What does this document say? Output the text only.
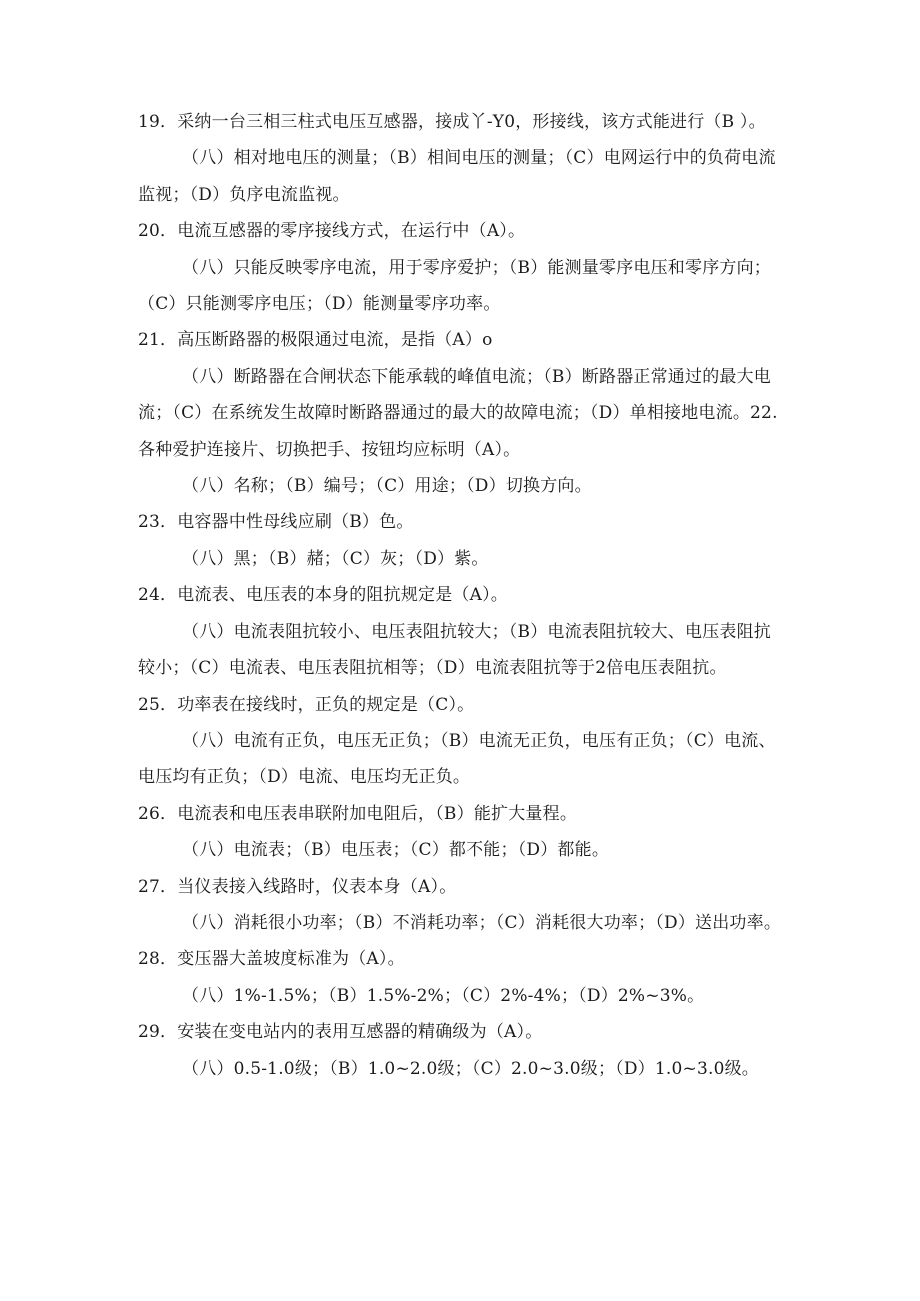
19．采纳一台三相三柱式电压互感器，接成丫-Y0，形接线，该方式能进行（B ）。

（八）相对地电压的测量；（B）相间电压的测量；（C）电网运行中的负荷电流监视；（D）负序电流监视。

20．电流互感器的零序接线方式，在运行中（A）。

（八）只能反映零序电流，用于零序爱护；（B）能测量零序电压和零序方向；（C）只能测零序电压；（D）能测量零序功率。

21．高压断路器的极限通过电流，是指（A）o

（八）断路器在合闸状态下能承载的峰值电流；（B）断路器正常通过的最大电流；（C）在系统发生故障时断路器通过的最大的故障电流；（D）单相接地电流。22.各种爱护连接片、切换把手、按钮均应标明（A）。

（八）名称；（B）编号；（C）用途；（D）切换方向。

23．电容器中性母线应刷（B）色。

（八）黑；（B）赭；（C）灰；（D）紫。

24．电流表、电压表的本身的阻抗规定是（A）。

（八）电流表阻抗较小、电压表阻抗较大；（B）电流表阻抗较大、电压表阻抗较小；（C）电流表、电压表阻抗相等；（D）电流表阻抗等于2倍电压表阻抗。

25．功率表在接线时，正负的规定是（C）。

（八）电流有正负，电压无正负；（B）电流无正负，电压有正负；（C）电流、电压均有正负；（D）电流、电压均无正负。

26．电流表和电压表串联附加电阻后，（B）能扩大量程。

（八）电流表；（B）电压表；（C）都不能；（D）都能。

27．当仪表接入线路时，仪表本身（A）。

（八）消耗很小功率；（B）不消耗功率；（C）消耗很大功率；（D）送出功率。

28．变压器大盖坡度标准为（A）。

（八）1%-1.5%；（B）1.5%-2%；（C）2%-4%；（D）2%~3%。

29．安装在变电站内的表用互感器的精确级为（A）。

（八）0.5-1.0级；（B）1.0~2.0级；（C）2.0~3.0级；（D）1.0~3.0级。
